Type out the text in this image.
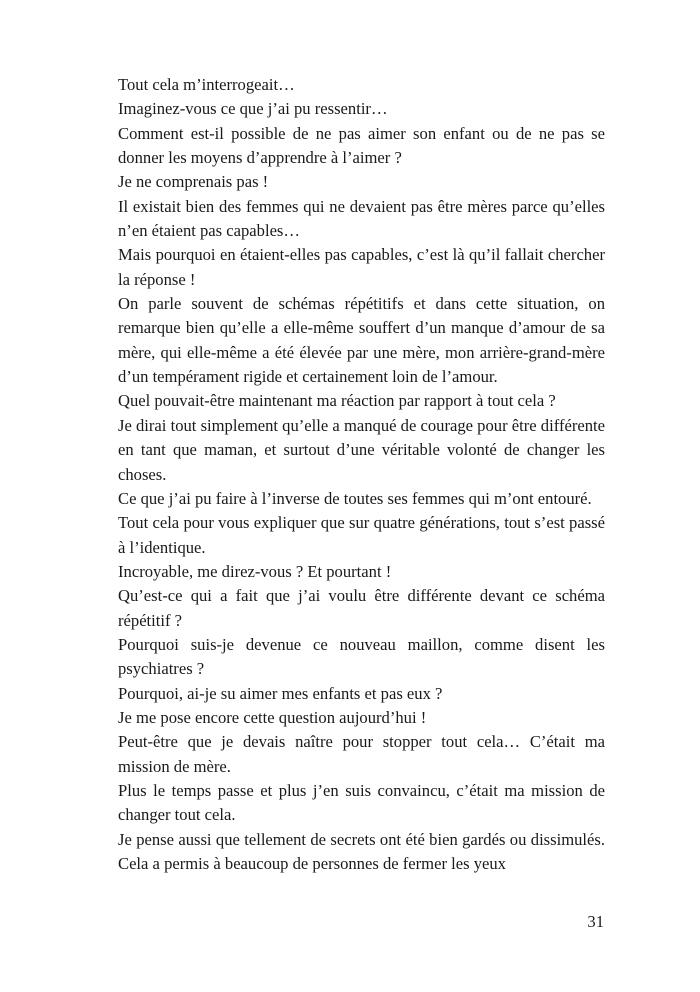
Tout cela m’interrogeait…

Imaginez-vous ce que j’ai pu ressentir…

Comment est-il possible de ne pas aimer son enfant ou de ne pas se donner les moyens d’apprendre à l’aimer ?

Je ne comprenais pas !

Il existait bien des femmes qui ne devaient pas être mères parce qu’elles n’en étaient pas capables…

Mais pourquoi en étaient-elles pas capables, c’est là qu’il fallait chercher la réponse !

On parle souvent de schémas répétitifs et dans cette situation, on remarque bien qu’elle a elle-même souffert d’un manque d’amour de sa mère, qui elle-même a été élevée par une mère, mon arrière-grand-mère d’un tempérament rigide et certainement loin de l’amour.

Quel pouvait-être maintenant ma réaction par rapport à tout cela ?

Je dirai tout simplement qu’elle a manqué de courage pour être différente en tant que maman, et surtout d’une véritable volonté de changer les choses.

Ce que j’ai pu faire à l’inverse de toutes ses femmes qui m’ont entouré.

Tout cela pour vous expliquer que sur quatre générations, tout s’est passé à l’identique.

Incroyable, me direz-vous ? Et pourtant !

Qu’est-ce qui a fait que j’ai voulu être différente devant ce schéma répétitif ?

Pourquoi suis-je devenue ce nouveau maillon, comme disent les psychiatres ?

Pourquoi, ai-je su aimer mes enfants et pas eux ?

Je me pose encore cette question aujourd’hui !

Peut-être que je devais naître pour stopper tout cela… C’était ma mission de mère.

Plus le temps passe et plus j’en suis convaincu, c’était ma mission de changer tout cela.

Je pense aussi que tellement de secrets ont été bien gardés ou dissimulés. Cela a permis à beaucoup de personnes de fermer les yeux

31
